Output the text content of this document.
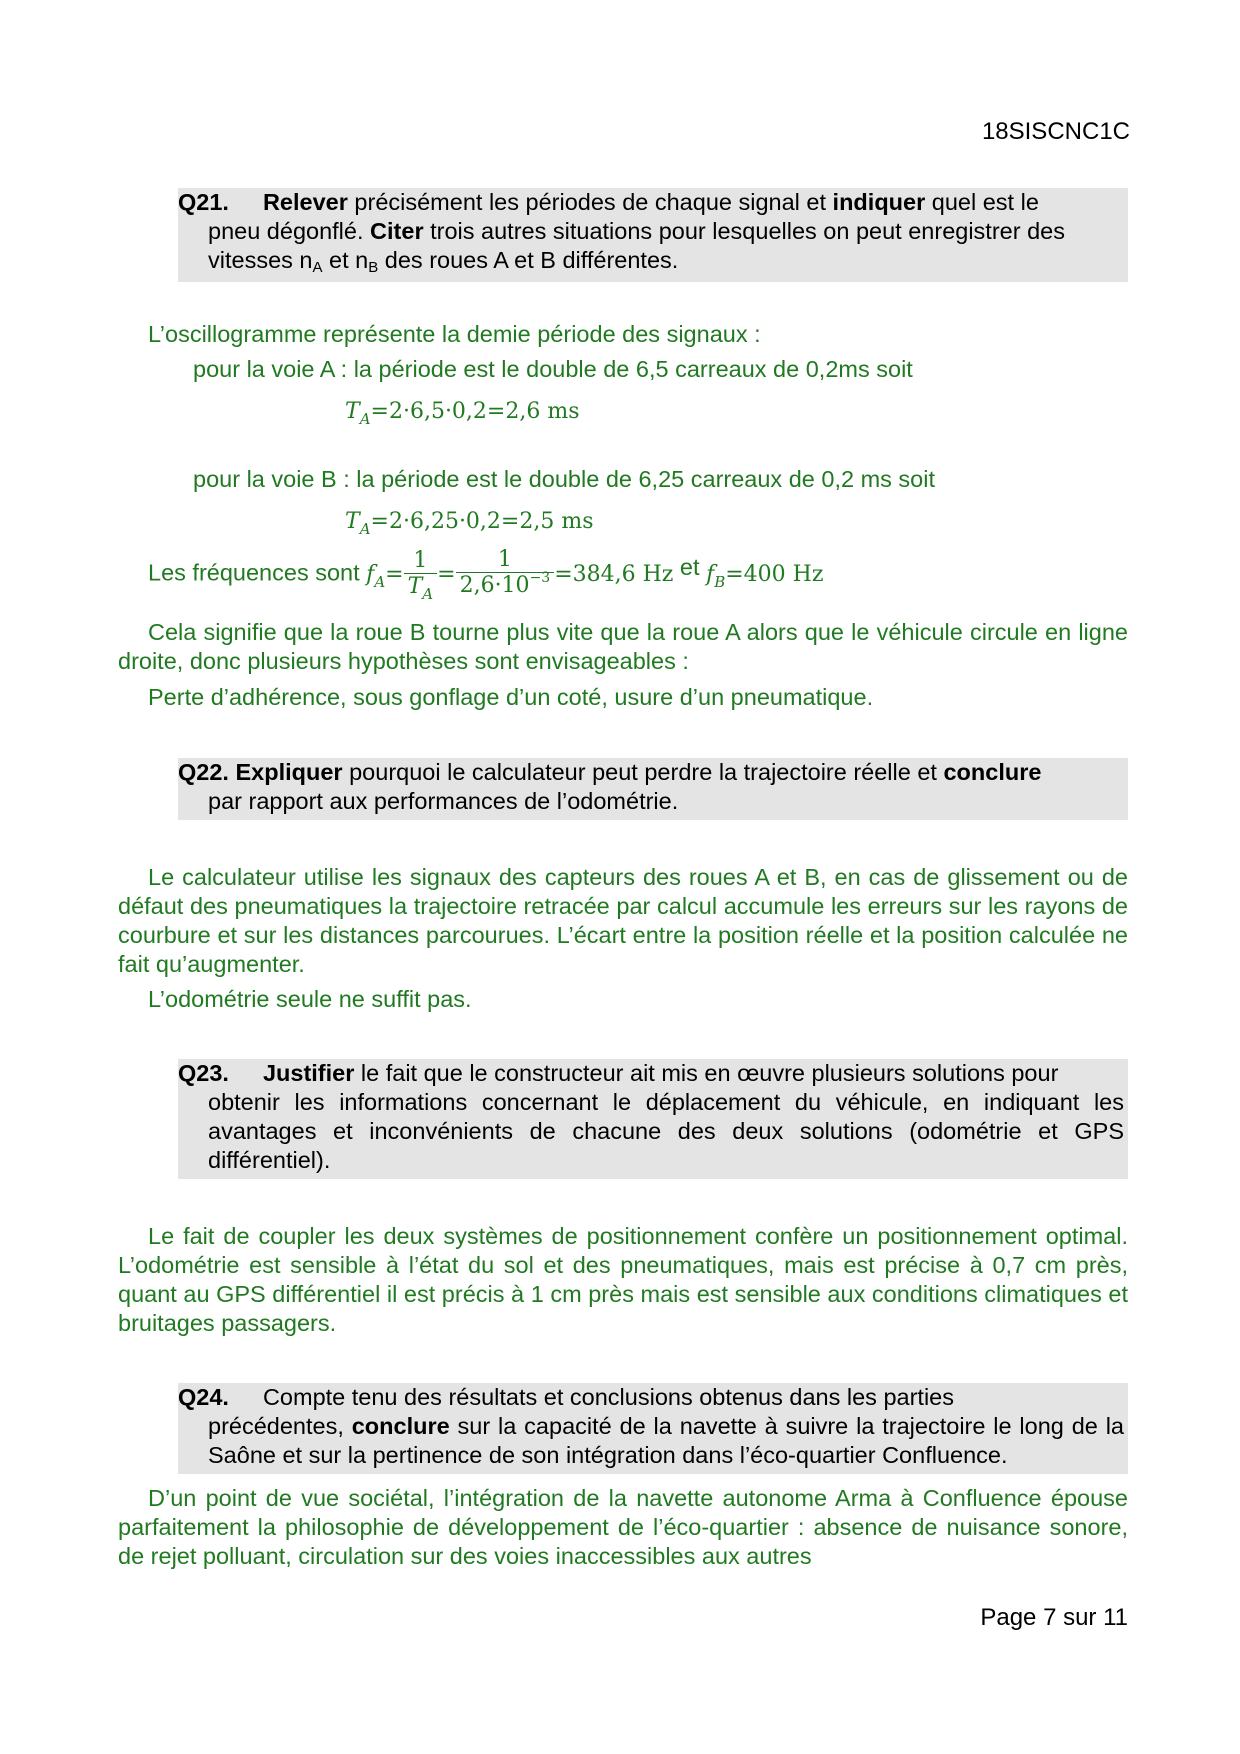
18SISCNC1C
Q21. Relever précisément les périodes de chaque signal et indiquer quel est le
pneu dégonflé. Citer trois autres situations pour lesquelles on peut enregistrer des
vitesses nA et nB des roues A et B différentes.
L’oscillogramme représente la demie période des signaux :
pour la voie A : la période est le double de 6,5 carreaux de 0,2ms soit
$T_A=2\cdot 6,5\cdot 0,2=2,6$ ms
pour la voie B : la période est le double de 6,25 carreaux de 0,2 ms soit
$T_A=2\cdot 6,25\cdot 0,2=2,5$ ms
Les fréquences sont $f_A= \frac{1}{T_A} = \frac{1}{2,6\cdot 10^{-3}} =384,6$ Hz et $f_B=400$ Hz
Cela signifie que la roue B tourne plus vite que la roue A alors que le véhicule circule en ligne droite, donc plusieurs hypothèses sont envisageables :
Perte d’adhérence, sous gonflage d’un coté, usure d’un pneumatique.
Q22. Expliquer pourquoi le calculateur peut perdre la trajectoire réelle et conclure
par rapport aux performances de l’odométrie.
Le calculateur utilise les signaux des capteurs des roues A et B, en cas de glissement ou de défaut des pneumatiques la trajectoire retracée par calcul accumule les erreurs sur les rayons de courbure et sur les distances parcourues. L’écart entre la position réelle et la position calculée ne fait qu’augmenter.
L’odométrie seule ne suffit pas.
Q23. Justifier le fait que le constructeur ait mis en œuvre plusieurs solutions pour
obtenir les informations concernant le déplacement du véhicule, en indiquant les avantages et inconvénients de chacune des deux solutions (odométrie et GPS différentiel).
Le fait de coupler les deux systèmes de positionnement confère un positionnement optimal. L’odométrie est sensible à l’état du sol et des pneumatiques, mais est précise à 0,7 cm près, quant au GPS différentiel il est précis à 1 cm près mais est sensible aux conditions climatiques et bruitages passagers.
Q24. Compte tenu des résultats et conclusions obtenus dans les parties
précédentes, conclure sur la capacité de la navette à suivre la trajectoire le long de la Saône et sur la pertinence de son intégration dans l’éco-quartier Confluence.
D’un point de vue sociétal, l’intégration de la navette autonome Arma à Confluence épouse parfaitement la philosophie de développement de l’éco-quartier : absence de nuisance sonore, de rejet polluant, circulation sur des voies inaccessibles aux autres
Page 7 sur 11
